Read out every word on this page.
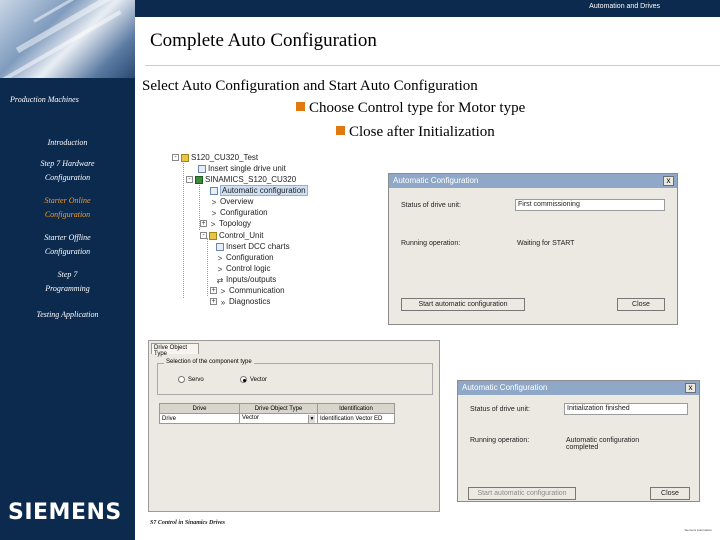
Production Machines
Introduction
Step 7 Hardware
Configuration
Starter Online
Configuration
Starter Offline
Configuration
Step 7
Programming
Testing Application
SIEMENS
Automation and Drives
Complete Auto Configuration
Select Auto Configuration and Start Auto Configuration
Choose Control type for Motor type
Close after Initialization
- S120_CU320_Test
Insert single drive unit
- SINAMICS_S120_CU320
Automatic configuration
> Overview
> Configuration
+ > Topology
- Control_Unit
Insert DCC charts
> Configuration
> Control logic
⇄ Inputs/outputs
+ > Communication
+ » Diagnostics
Automatic Configuration	x
Status of drive unit:	First commissioning
Running operation:	Waiting for START
Start automatic configuration	Close
Drive Object Type
Selection of the component type
Servo	Vector
Drive	Drive Object Type	Identification
Drive	Vector ▼	Identification Vector ED
Automatic Configuration	x
Status of drive unit:	Initialization finished
Running operation:	Automatic configuration completed
Start automatic configuration	Close
S7 Control in Sinamics Drives
Siemens Automation
